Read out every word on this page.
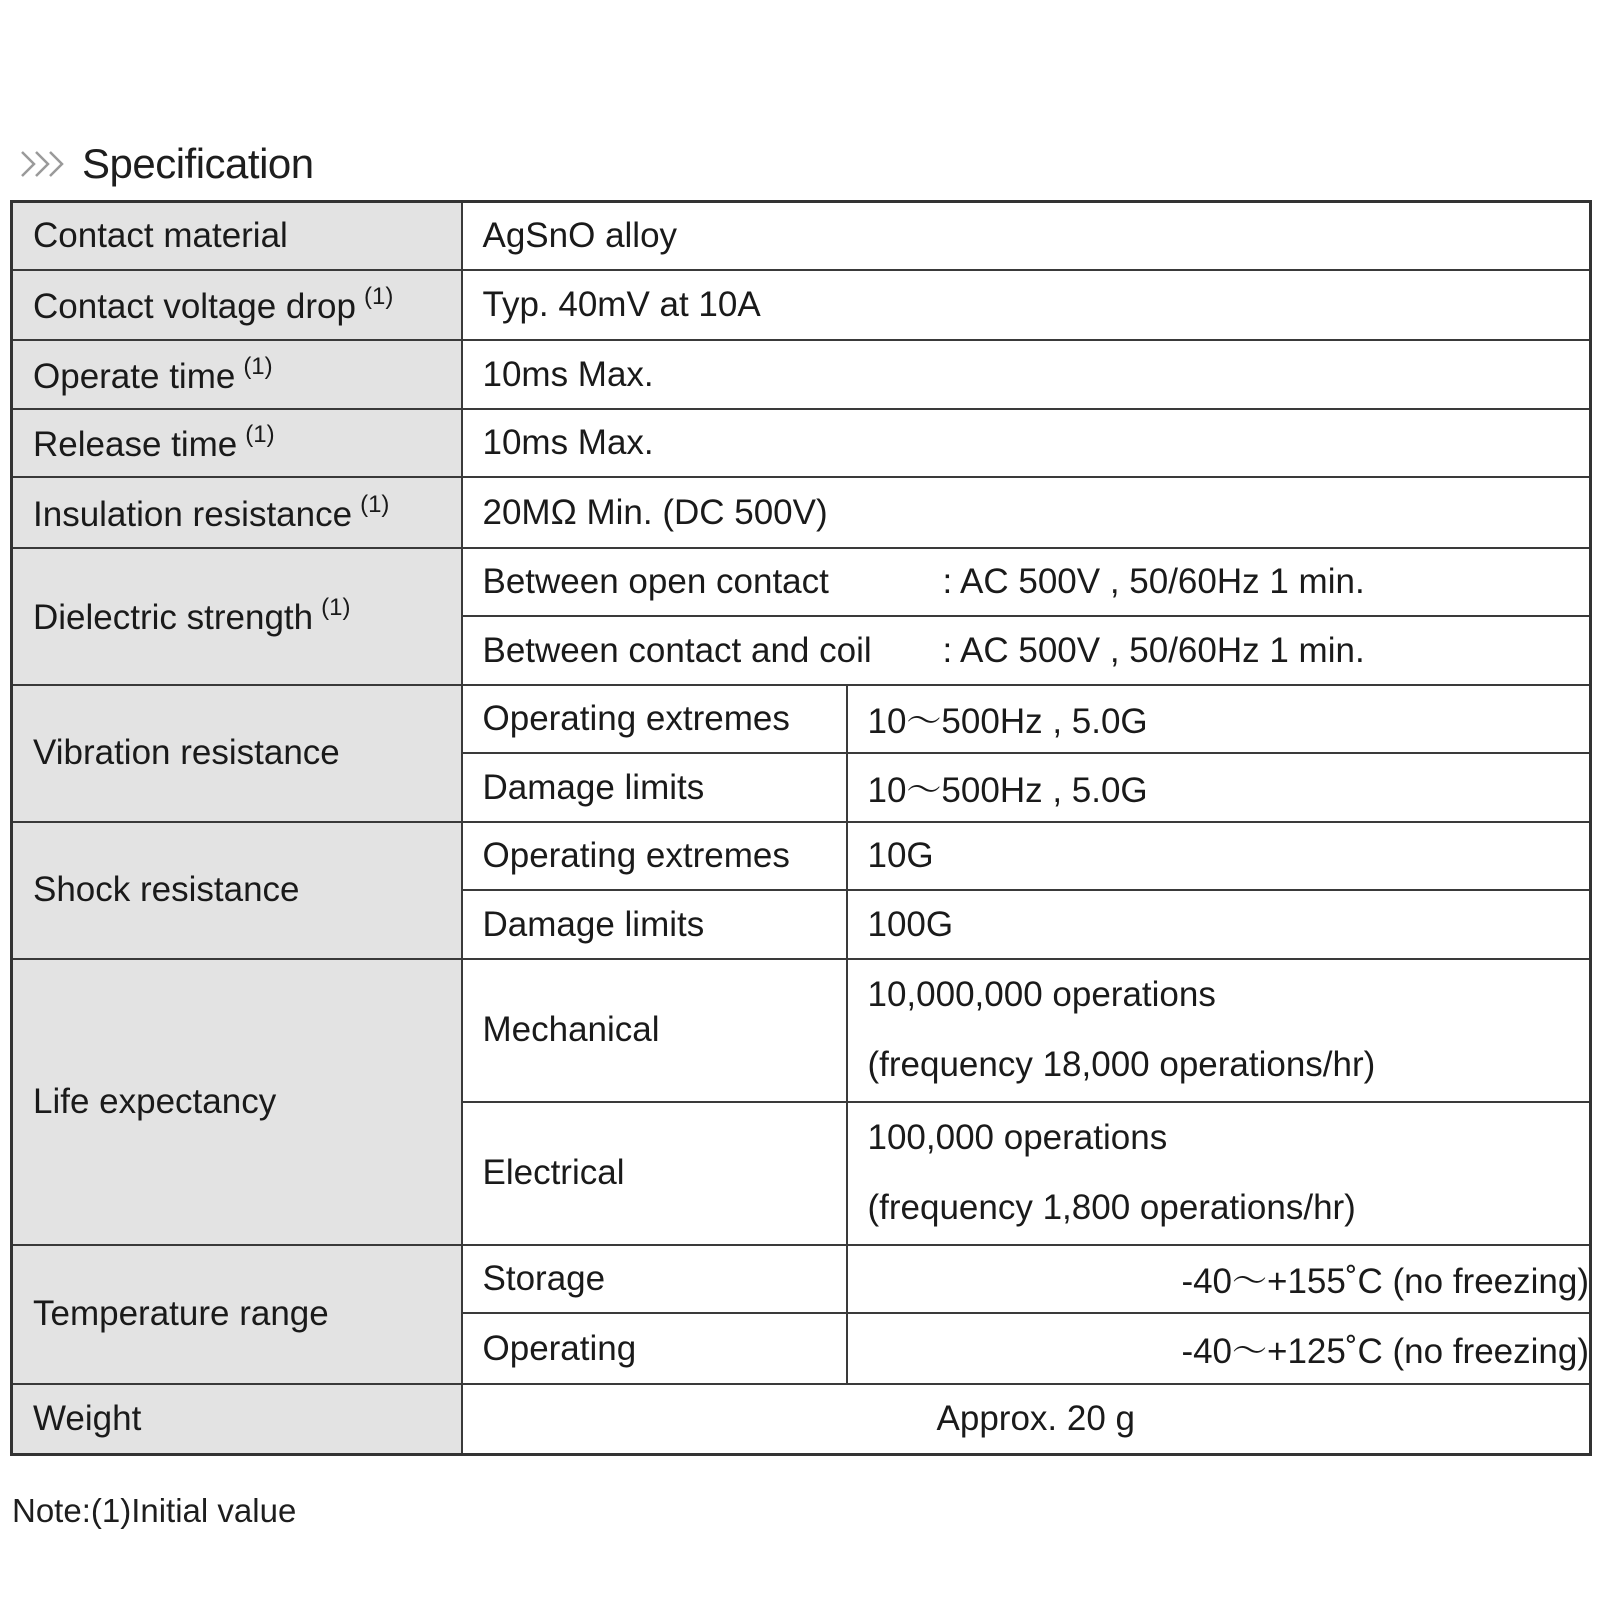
Specification
Contact material	AgSnO alloy	
Contact voltage drop $^{(1)}$	Typ. 40mV at 10A	
Operate time $^{(1)}$	10ms Max.	
Release time $^{(1)}$	10ms Max.	
Insulation resistance $^{(1)}$	20MΩ Min. (DC 500V)	
Dielectric strength $^{(1)}$	Between open contact : AC 500V , 50/60Hz 1 min.	

	Between contact and coil : AC 500V , 50/60Hz 1 min.	

Vibration resistance	Operating extremes	10～500Hz , 5.0G
	Damage limits	10～500Hz , 5.0G
Shock resistance	Operating extremes	10G
	Damage limits	100G
Life expectancy	Mechanical	10,000,000 operations
(frequency 18,000 operations/hr)

	Electrical	100,000 operations
(frequency 1,800 operations/hr)

Temperature range	Storage	-40～+155˚C (no freezing)
	Operating	-40～+125˚C (no freezing)
Weight	Approx. 20 g	
Note:(1)Initial value
